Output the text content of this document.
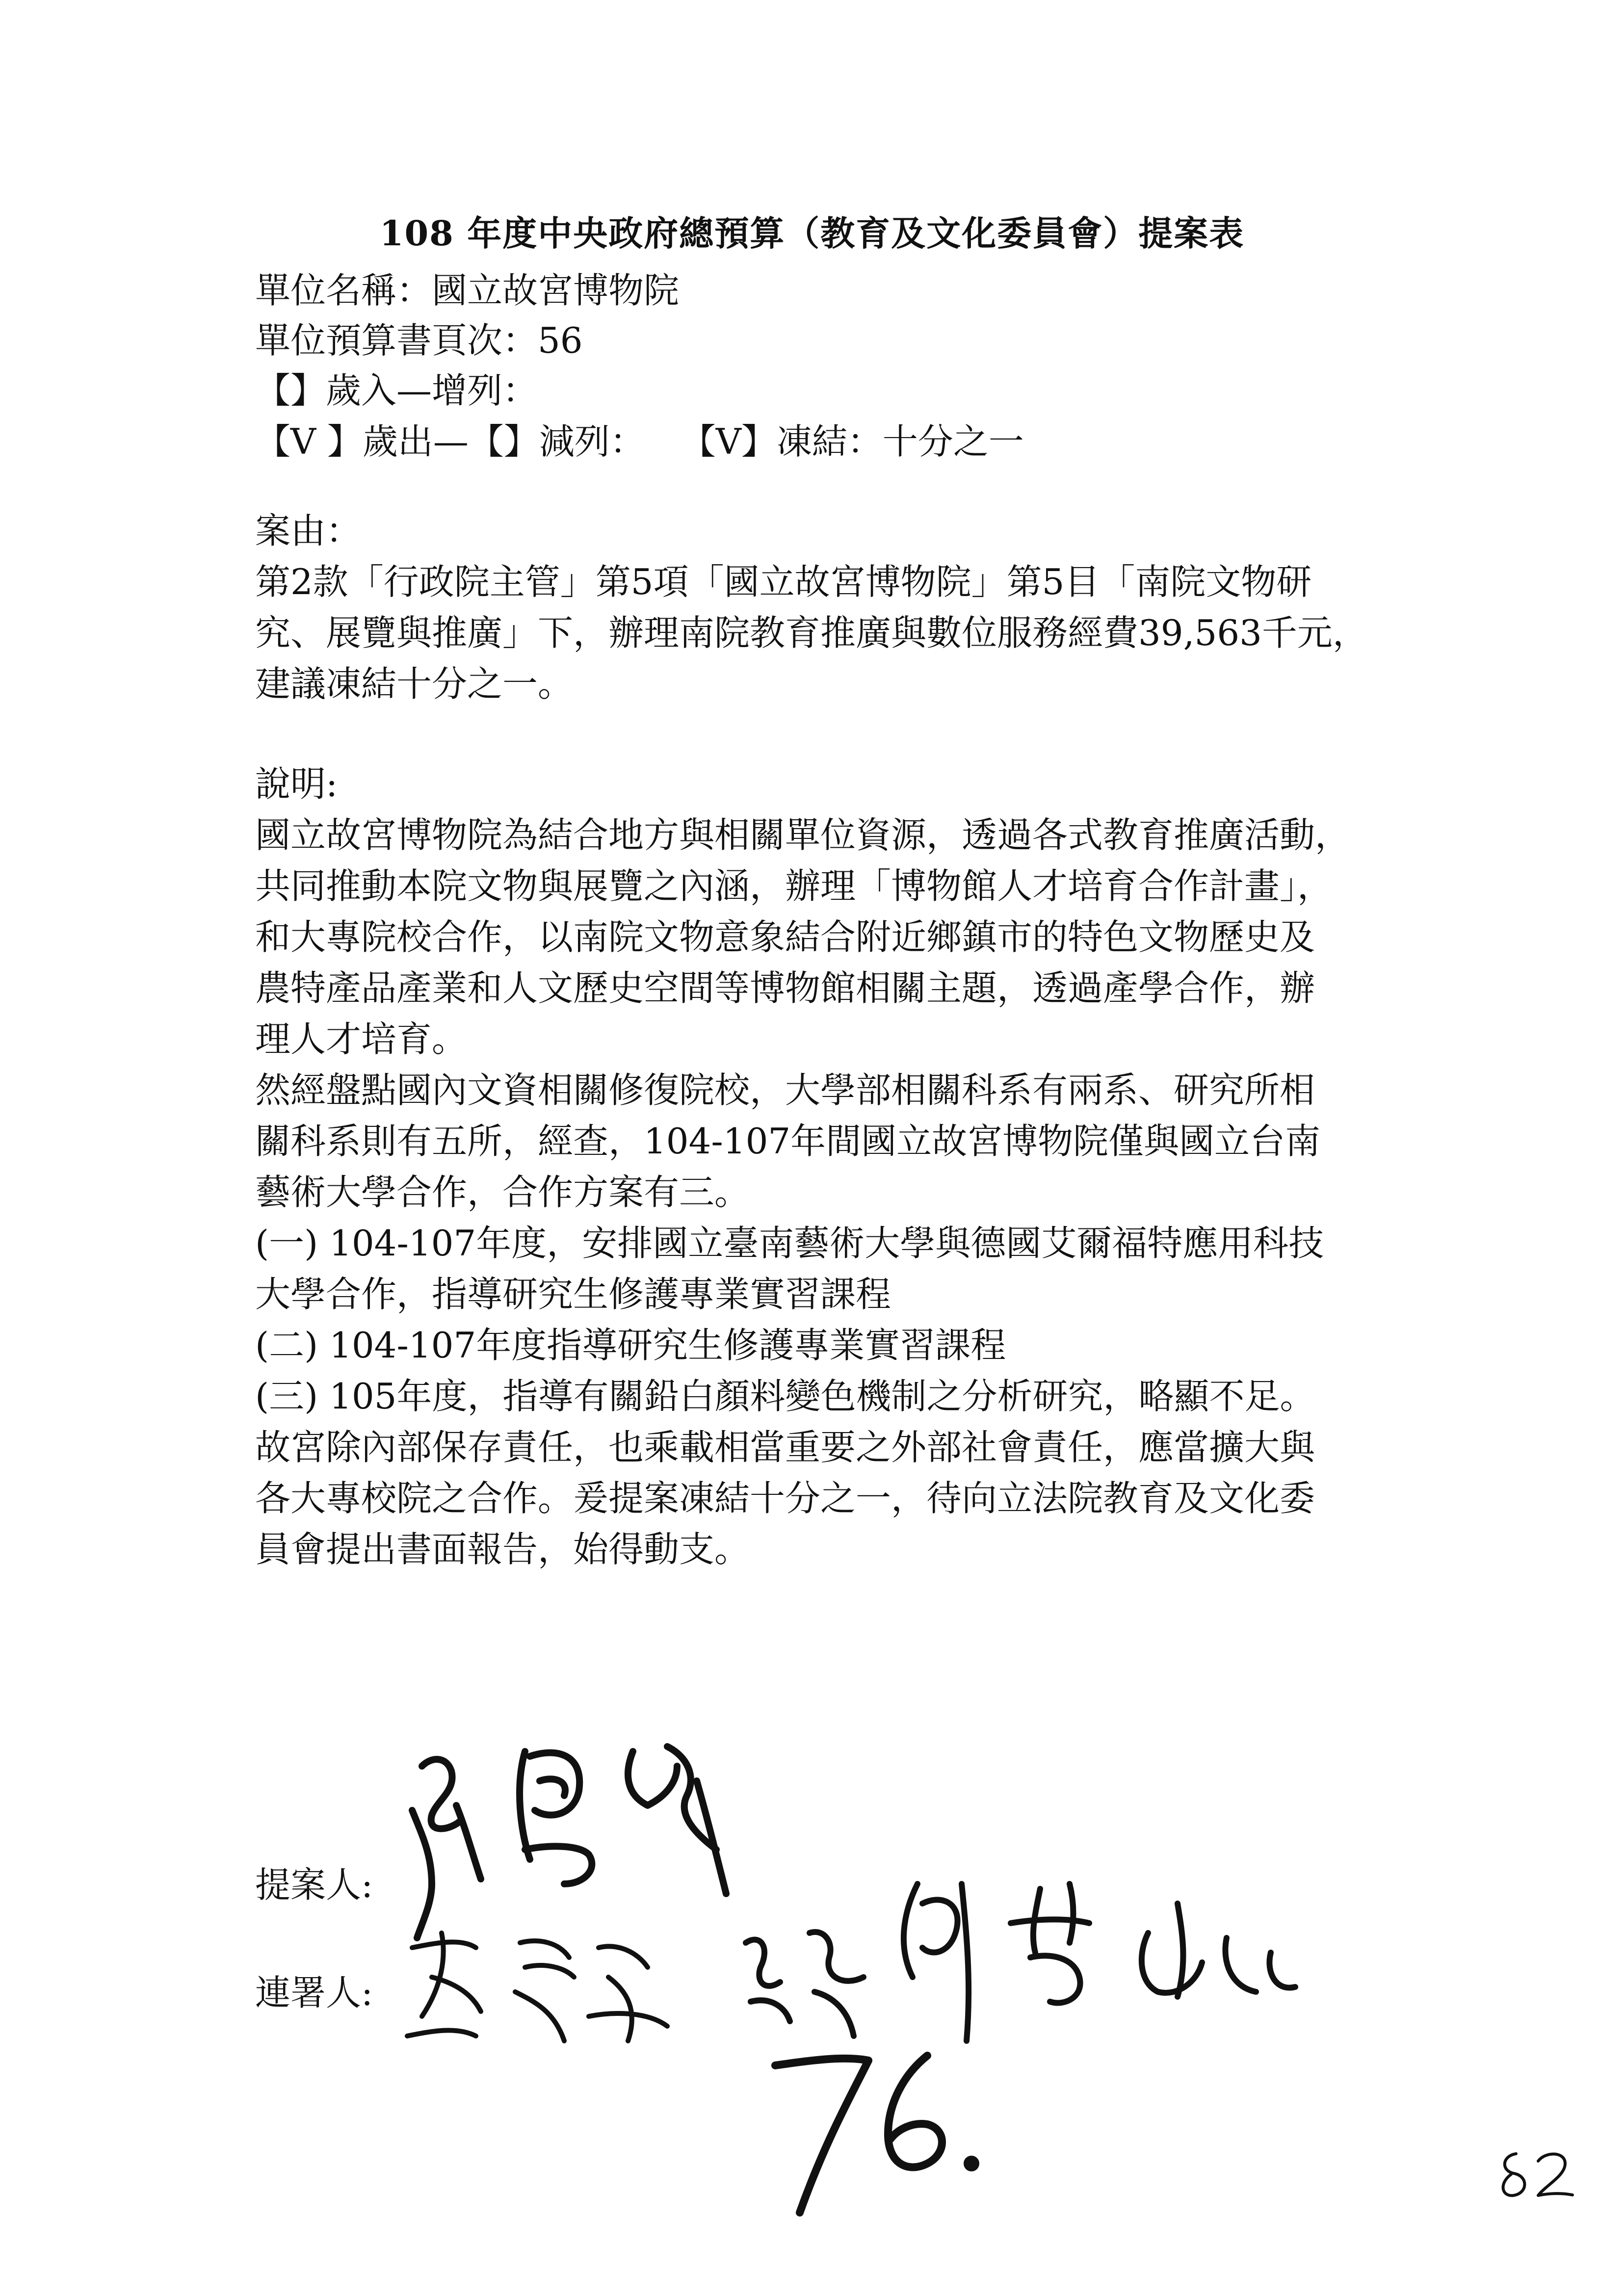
108 年度中央政府總預算（教育及文化委員會）提案表
單位名稱：國立故宮博物院
單位預算書頁次：56
【】歲入—增列：
【V 】歲出—【】減列：　　【V】凍結：十分之一
案由：
第2款「行政院主管」第5項「國立故宮博物院」第5目「南院文物研
究、展覽與推廣」下，辦理南院教育推廣與數位服務經費39,563千元，
建議凍結十分之一。
說明:
國立故宮博物院為結合地方與相關單位資源，透過各式教育推廣活動，
共同推動本院文物與展覽之內涵，辦理「博物館人才培育合作計畫」，
和大專院校合作，以南院文物意象結合附近鄉鎮市的特色文物歷史及
農特產品產業和人文歷史空間等博物館相關主題，透過產學合作，辦
理人才培育。
然經盤點國內文資相關修復院校，大學部相關科系有兩系、研究所相
關科系則有五所，經查，104-107年間國立故宮博物院僅與國立台南
藝術大學合作，合作方案有三。
(一) 104-107年度，安排國立臺南藝術大學與德國艾爾福特應用科技
大學合作，指導研究生修護專業實習課程
(二) 104-107年度指導研究生修護專業實習課程
(三) 105年度，指導有關鉛白顏料變色機制之分析研究，略顯不足。
故宮除內部保存責任，也乘載相當重要之外部社會責任，應當擴大與
各大專校院之合作。爰提案凍結十分之一，待向立法院教育及文化委
員會提出書面報告，始得動支。
提案人:
連署人:
